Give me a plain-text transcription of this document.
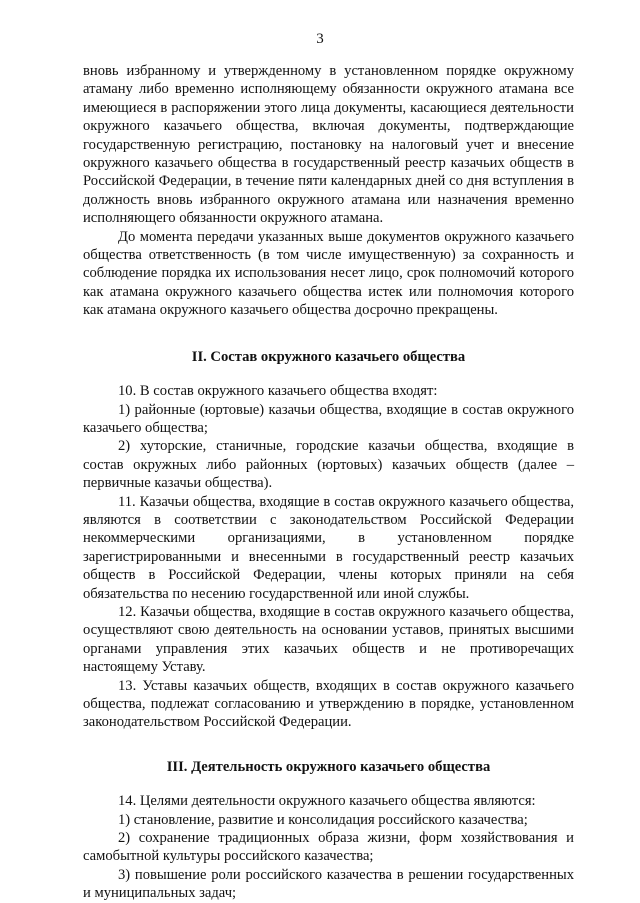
3

вновь избранному и утвержденному в установленном порядке окружному атаману либо временно исполняющему обязанности окружного атамана все имеющиеся в распоряжении этого лица документы, касающиеся деятельности окружного казачьего общества, включая документы, подтверждающие государственную регистрацию, постановку на налоговый учет и внесение окружного казачьего общества в государственный реестр казачьих обществ в Российской Федерации, в течение пяти календарных дней со дня вступления в должность вновь избранного окружного атамана или назначения временно исполняющего обязанности окружного атамана.

До момента передачи указанных выше документов окружного казачьего общества ответственность (в том числе имущественную) за сохранность и соблюдение порядка их использования несет лицо, срок полномочий которого как атамана окружного казачьего общества истек или полномочия которого как атамана окружного казачьего общества досрочно прекращены.

II. Состав окружного казачьего общества

10. В состав окружного казачьего общества входят:

1) районные (юртовые) казачьи общества, входящие в состав окружного казачьего общества;

2) хуторские, станичные, городские казачьи общества, входящие в состав окружных либо районных (юртовых) казачьих обществ (далее – первичные казачьи общества).

11. Казачьи общества, входящие в состав окружного казачьего общества, являются в соответствии с законодательством Российской Федерации некоммерческими организациями, в установленном порядке зарегистрированными и внесенными в государственный реестр казачьих обществ в Российской Федерации, члены которых приняли на себя обязательства по несению государственной или иной службы.

12. Казачьи общества, входящие в состав окружного казачьего общества, осуществляют свою деятельность на основании уставов, принятых высшими органами управления этих казачьих обществ и не противоречащих настоящему Уставу.

13. Уставы казачьих обществ, входящих в состав окружного казачьего общества, подлежат согласованию и утверждению в порядке, установленном законодательством Российской Федерации.

III. Деятельность окружного казачьего общества

14. Целями деятельности окружного казачьего общества являются:

1) становление, развитие и консолидация российского казачества;

2) сохранение традиционных образа жизни, форм хозяйствования и самобытной культуры российского казачества;

3) повышение роли российского казачества в решении государственных и муниципальных задач;
